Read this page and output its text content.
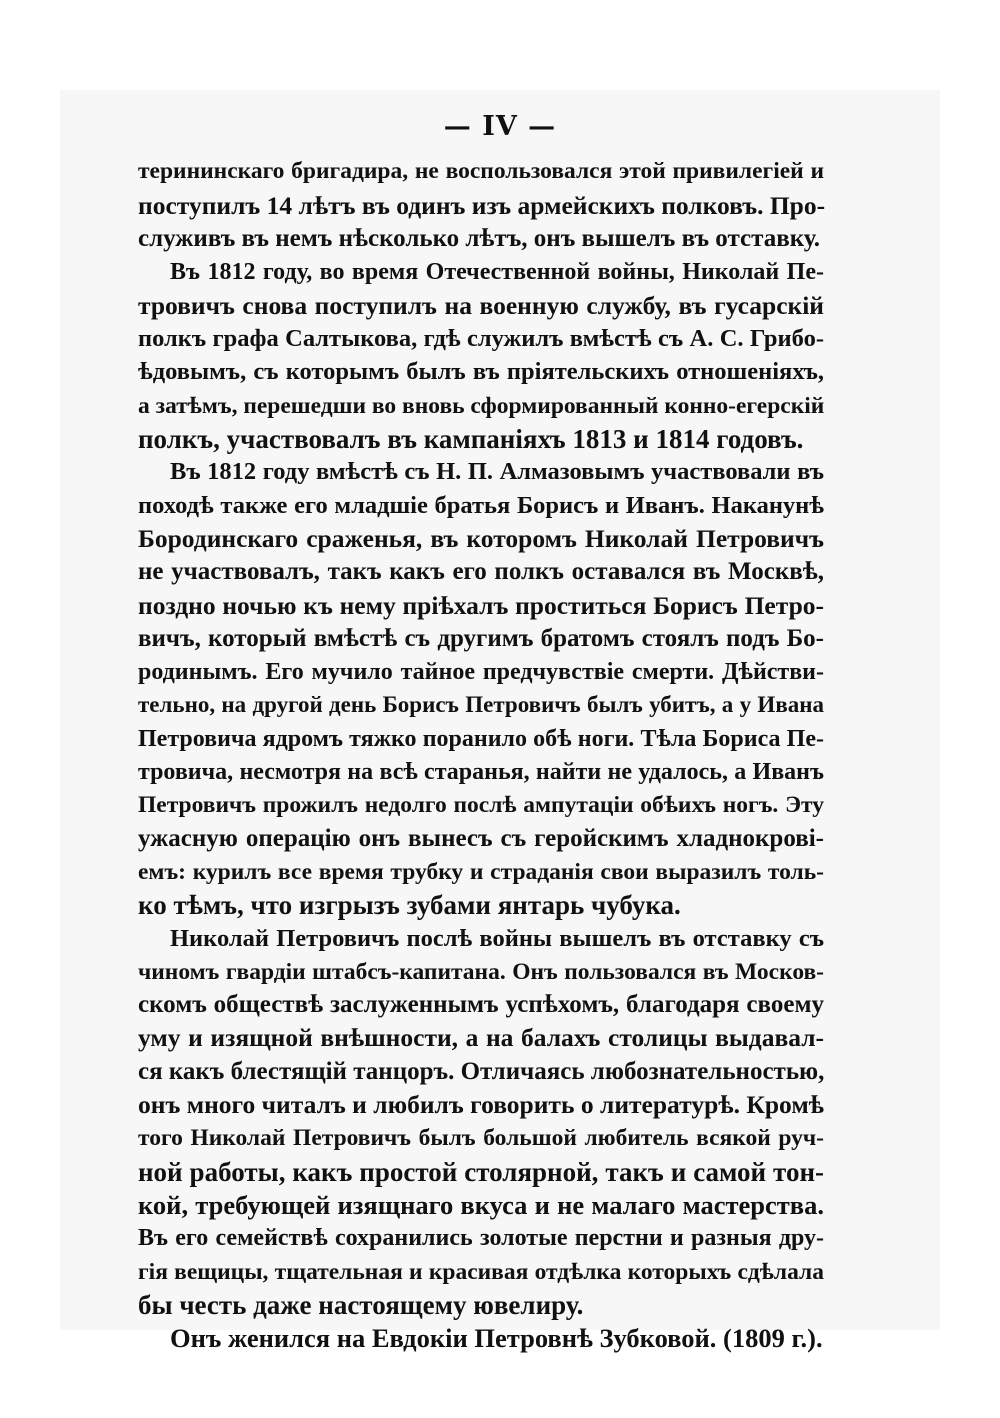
— IV —
терининскаго бригадира, не воспользовался этой привилегiей и
поступилъ 14 лѣтъ въ одинъ изъ армейскихъ полковъ. Про-
служивъ въ немъ нѣсколько лѣтъ, онъ вышелъ въ отставку.
Въ 1812 году, во время Отечественной войны, Николай Пе-
тровичъ снова поступилъ на военную службу, въ гусарскiй
полкъ графа Салтыкова, гдѣ служилъ вмѣстѣ съ А. С. Грибо-
ѣдовымъ, съ которымъ былъ въ прiятельскихъ отношенiяхъ,
а затѣмъ, перешедши во вновь сформированный конно-егерскiй
полкъ, участвовалъ въ кампанiяхъ 1813 и 1814 годовъ.
Въ 1812 году вмѣстѣ съ Н. П. Алмазовымъ участвовали въ
походѣ также его младшiе братья Борисъ и Иванъ. Наканунѣ
Бородинскаго сраженья, въ которомъ Николай Петровичъ
не участвовалъ, такъ какъ его полкъ оставался въ Москвѣ,
поздно ночью къ нему прiѣхалъ проститься Борисъ Петро-
вичъ, который вмѣстѣ съ другимъ братомъ стоялъ подъ Бо-
родинымъ. Его мучило тайное предчувствiе смерти. Дѣйстви-
тельно, на другой день Борисъ Петровичъ былъ убитъ, а у Ивана
Петровича ядромъ тяжко поранило обѣ ноги. Тѣла Бориса Пе-
тровича, несмотря на всѣ старанья, найти не удалось, а Иванъ
Петровичъ прожилъ недолго послѣ ампутацiи обѣихъ ногъ. Эту
ужасную операцiю онъ вынесъ съ геройскимъ хладнокровi-
емъ: курилъ все время трубку и страданiя свои выразилъ толь-
ко тѣмъ, что изгрызъ зубами янтарь чубука.
Николай Петровичъ послѣ войны вышелъ въ отставку съ
чиномъ гвардiи штабсъ-капитана. Онъ пользовался въ Москов-
скомъ обществѣ заслуженнымъ успѣхомъ, благодаря своему
уму и изящной внѣшности, а на балахъ столицы выдавал-
ся какъ блестящiй танцоръ. Отличаясь любознательностью,
онъ много читалъ и любилъ говорить о литературѣ. Кромѣ
того Николай Петровичъ былъ большой любитель всякой руч-
ной работы, какъ простой столярной, такъ и самой тон-
кой, требующей изящнаго вкуса и не малаго мастерства.
Въ его семействѣ сохранились золотые перстни и разныя дру-
гiя вещицы, тщательная и красивая отдѣлка которыхъ сдѣлала
бы честь даже настоящему ювелиру.
Онъ женился на Евдокiи Петровнѣ Зубковой. (1809 г.).
